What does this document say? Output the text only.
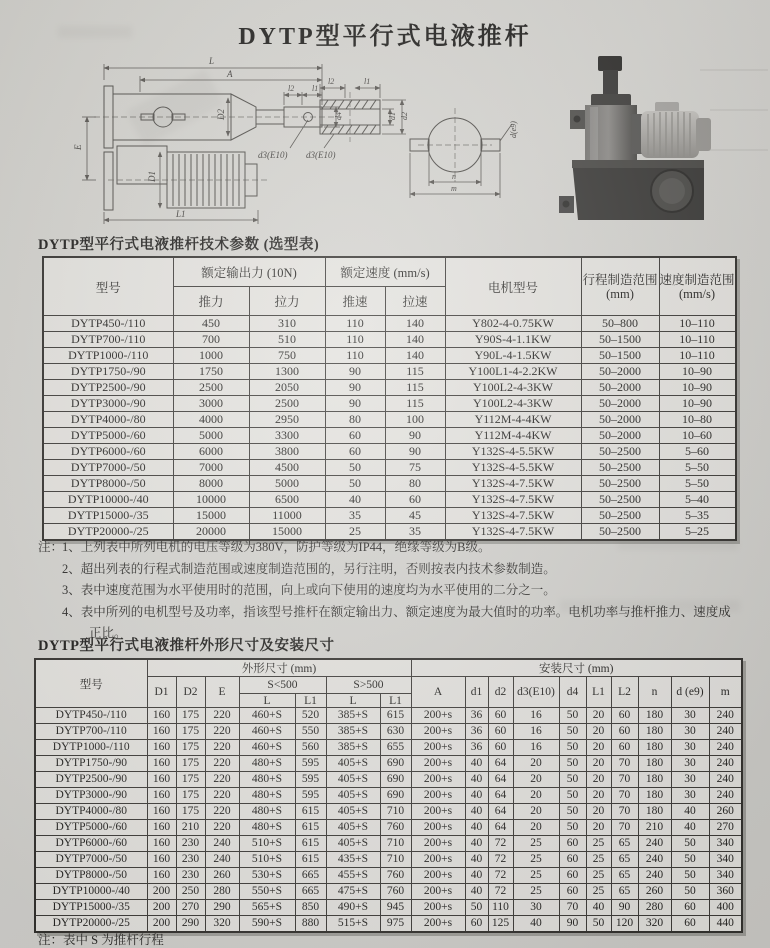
DYTP型平行式电液推杆
L
A
l2 l1
d4
d3(E10)
D2
E
D1
L1
l2	l1
d1 d2
d3(E10)
d(e9)
n
m
DYTP型平行式电液推杆技术参数 (选型表)
型号	额定输出力 (10N)		额定速度 (mm/s)		电机型号	行程制造范围
(mm)	速度制造范围
(mm/s)

	推力	拉力	推速	拉速			
DYTP450-/110	450	310	110	140	Y802-4-0.75KW	50–800	10–110
DYTP700-/110	700	510	110	140	Y90S-4-1.1KW	50–1500	10–110
DYTP1000-/110	1000	750	110	140	Y90L-4-1.5KW	50–1500	10–110
DYTP1750-/90	1750	1300	90	115	Y100L1-4-2.2KW	50–2000	10–90
DYTP2500-/90	2500	2050	90	115	Y100L2-4-3KW	50–2000	10–90
DYTP3000-/90	3000	2500	90	115	Y100L2-4-3KW	50–2000	10–90
DYTP4000-/80	4000	2950	80	100	Y112M-4-4KW	50–2000	10–80
DYTP5000-/60	5000	3300	60	90	Y112M-4-4KW	50–2000	10–60
DYTP6000-/60	6000	3800	60	90	Y132S-4-5.5KW	50–2500	5–60
DYTP7000-/50	7000	4500	50	75	Y132S-4-5.5KW	50–2500	5–50
DYTP8000-/50	8000	5000	50	80	Y132S-4-7.5KW	50–2500	5–50
DYTP10000-/40	10000	6500	40	60	Y132S-4-7.5KW	50–2500	5–40
DYTP15000-/35	15000	11000	35	45	Y132S-4-7.5KW	50–2500	5–35
DYTP20000-/25	20000	15000	25	35	Y132S-4-7.5KW	50–2500	5–25
注：
1、上列表中所列电机的电压等级为380V，防护等级为IP44，绝缘等级为B级。
2、超出列表的行程式制造范围或速度制造范围的，另行注明，否则按表内技术参数制造。
3、表中速度范围为水平使用时的范围，向上或向下使用的速度均为水平使用的二分之一。
4、表中所列的电机型号及功率，指该型号推杆在额定输出力、额定速度为最大值时的功率。电机功率与推杆推力、速度成正比。
DYTP型平行式电液推杆外形尺寸及安装尺寸
型号	外形尺寸 (mm)							安装尺寸 (mm)									
	D1	D2	E	S<500		S>500		A	d1	d2	d3(E10)	d4	L1	L2	n	d (e9)	m
				L	L1	L	L1										
DYTP450-/110	160	175	220	460+S	520	385+S	615	200+s	36	60	16	50	20	60	180	30	240
DYTP700-/110	160	175	220	460+S	550	385+S	630	200+s	36	60	16	50	20	60	180	30	240
DYTP1000-/110	160	175	220	460+S	560	385+S	655	200+s	36	60	16	50	20	60	180	30	240
DYTP1750-/90	160	175	220	480+S	595	405+S	690	200+s	40	64	20	50	20	70	180	30	240
DYTP2500-/90	160	175	220	480+S	595	405+S	690	200+s	40	64	20	50	20	70	180	30	240
DYTP3000-/90	160	175	220	480+S	595	405+S	690	200+s	40	64	20	50	20	70	180	30	240
DYTP4000-/80	160	175	220	480+S	615	405+S	710	200+s	40	64	20	50	20	70	180	40	260
DYTP5000-/60	160	210	220	480+S	615	405+S	760	200+s	40	64	20	50	20	70	210	40	270
DYTP6000-/60	160	230	240	510+S	615	405+S	710	200+s	40	72	25	60	25	65	240	50	340
DYTP7000-/50	160	230	240	510+S	615	435+S	710	200+s	40	72	25	60	25	65	240	50	340
DYTP8000-/50	160	230	260	530+S	665	455+S	760	200+s	40	72	25	60	25	65	240	50	340
DYTP10000-/40	200	250	280	550+S	665	475+S	760	200+s	40	72	25	60	25	65	260	50	360
DYTP15000-/35	200	270	290	565+S	850	490+S	945	200+s	50	110	30	70	40	90	280	60	400
DYTP20000-/25	200	290	320	590+S	880	515+S	975	200+s	60	125	40	90	50	120	320	60	440
注：表中 S 为推杆行程
